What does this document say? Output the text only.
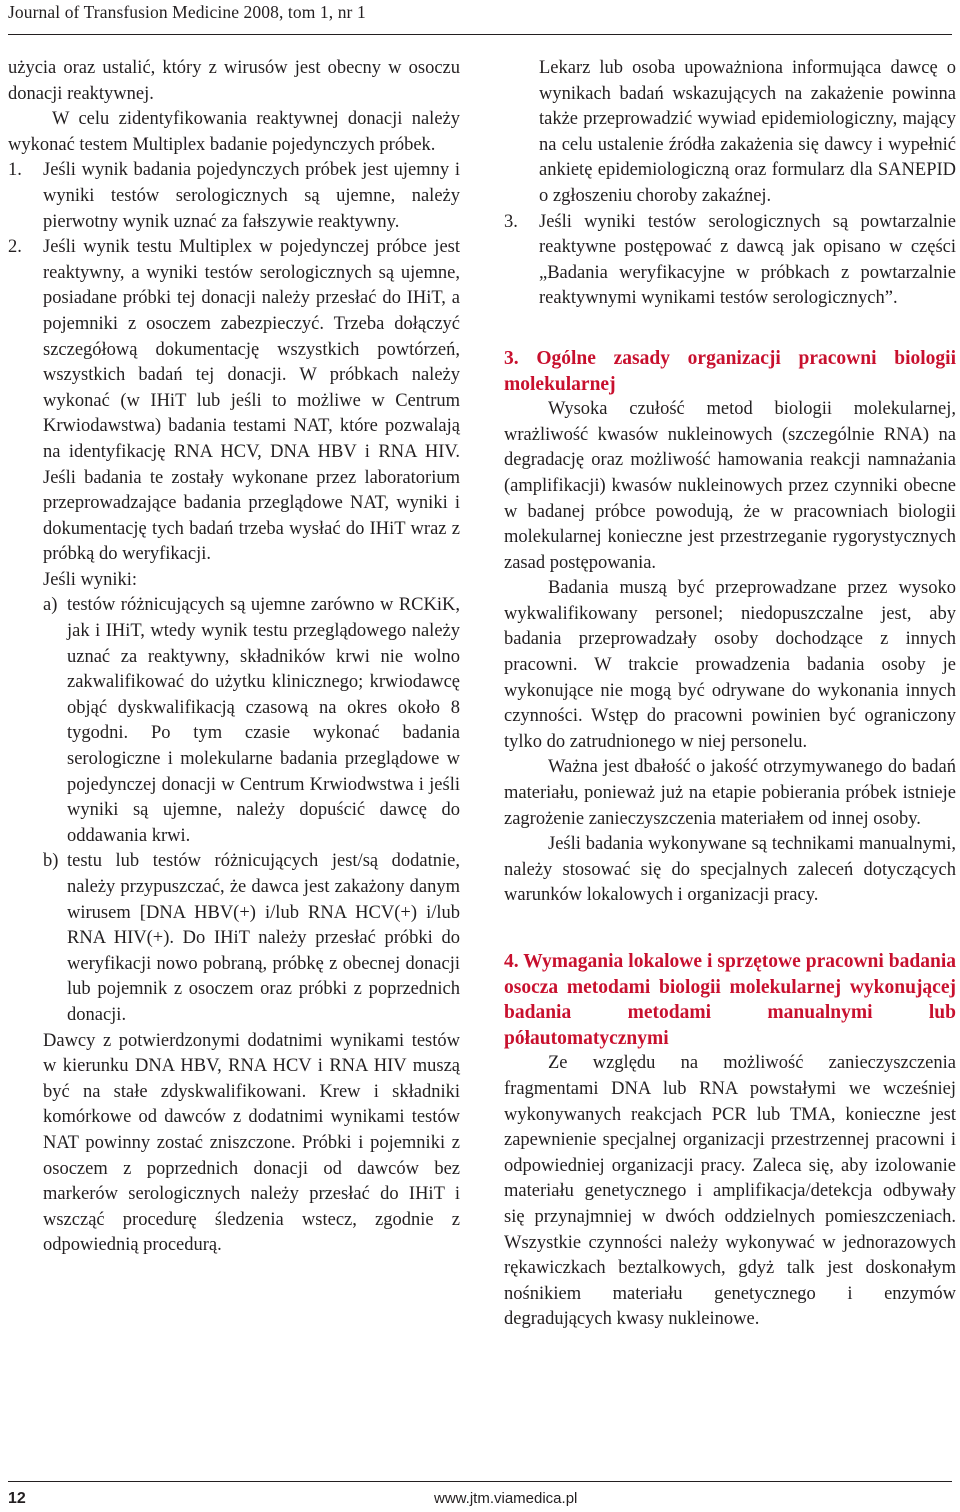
Journal of Transfusion Medicine 2008, tom 1, nr 1

użycia oraz ustalić, który z wirusów jest obecny w osoczu donacji reaktywnej.

W celu zidentyfikowania reaktywnej donacji należy wykonać testem Multiplex badanie pojedynczych próbek.

1.	Jeśli wynik badania pojedynczych próbek jest ujemny i wyniki testów serologicznych są ujemne, należy pierwotny wynik uznać za fałszywie reaktywny.
2.	Jeśli wynik testu Multiplex w pojedynczej próbce jest reaktywny, a wyniki testów serologicznych są ujemne, posiadane próbki tej donacji należy przesłać do IHiT, a pojemniki z osoczem zabezpieczyć. Trzeba dołączyć szczegółową dokumentację wszystkich powtórzeń, wszystkich badań tej donacji. W próbkach należy wykonać (w IHiT lub jeśli to możliwe w Centrum Krwiodawstwa) badania testami NAT, które pozwalają na identyfikację RNA HCV, DNA HBV i RNA HIV. Jeśli badania te zostały wykonane przez laboratorium przeprowadzające badania przeglądowe NAT, wyniki i dokumentację tych badań trzeba wysłać do IHiT wraz z próbką do weryfikacji.

Jeśli wyniki:

a) testów różnicujących są ujemne zarówno w RCKiK, jak i IHiT, wtedy wynik testu przeglądowego należy uznać za reaktywny, składników krwi nie wolno zakwalifikować do użytku klinicznego; krwiodawcę objąć dyskwalifikacją czasową na okres około 8 tygodni. Po tym czasie wykonać badania serologiczne i molekularne badania przeglądowe w pojedynczej donacji w Centrum Krwiodwstwa i jeśli wyniki są ujemne, należy dopuścić dawcę do oddawania krwi.
b) testu lub testów różnicujących jest/są dodatnie, należy przypuszczać, że dawca jest zakażony danym wirusem [DNA HBV(+) i/lub RNA HCV(+) i/lub RNA HIV(+). Do IHiT należy przesłać próbki do weryfikacji nowo pobraną, próbkę z obecnej donacji lub pojemnik z osoczem oraz próbki z poprzednich donacji.

Dawcy z potwierdzonymi dodatnimi wynikami testów w kierunku DNA HBV, RNA HCV i RNA HIV muszą być na stałe zdyskwalifikowani. Krew i składniki komórkowe od dawców z dodatnimi wynikami testów NAT powinny zostać zniszczone. Próbki i pojemniki z osoczem z poprzednich donacji od dawców bez markerów serologicznych należy przesłać do IHiT i wszcząć procedurę śledzenia wstecz, zgodnie z odpowiednią procedurą.

Lekarz lub osoba upoważniona informująca dawcę o wynikach badań wskazujących na zakażenie powinna także przeprowadzić wywiad epidemiologiczny, mający na celu ustalenie źródła zakażenia się dawcy i wypełnić ankietę epidemiologiczną oraz formularz dla SANEPID o zgłoszeniu choroby zakaźnej.

3.	Jeśli wyniki testów serologicznych są powtarzalnie reaktywne postępować z dawcą jak opisano w części „Badania weryfikacyjne w próbkach z powtarzalnie reaktywnymi wynikami testów serologicznych”.

3. Ogólne zasady organizacji pracowni biologii molekularnej

Wysoka czułość metod biologii molekularnej, wrażliwość kwasów nukleinowych (szczególnie RNA) na degradację oraz możliwość hamowania reakcji namnażania (amplifikacji) kwasów nukleinowych przez czynniki obecne w badanej próbce powodują, że w pracowniach biologii molekularnej konieczne jest przestrzeganie rygorystycznych zasad postępowania.

Badania muszą być przeprowadzane przez wysoko wykwalifikowany personel; niedopuszczalne jest, aby badania przeprowadzały osoby dochodzące z innych pracowni. W trakcie prowadzenia badania osoby je wykonujące nie mogą być odrywane do wykonania innych czynności. Wstęp do pracowni powinien być ograniczony tylko do zatrudnionego w niej personelu.

Ważna jest dbałość o jakość otrzymywanego do badań materiału, ponieważ już na etapie pobierania próbek istnieje zagrożenie zanieczyszczenia materiałem od innej osoby.

Jeśli badania wykonywane są technikami manualnymi, należy stosować się do specjalnych zaleceń dotyczących warunków lokalowych i organizacji pracy.

4. Wymagania lokalowe i sprzętowe pracowni badania osocza metodami biologii molekularnej wykonującej badania metodami manualnymi lub półautomatycznymi

Ze względu na możliwość zanieczyszczenia fragmentami DNA lub RNA powstałymi we wcześniej wykonywanych reakcjach PCR lub TMA, konieczne jest zapewnienie specjalnej organizacji przestrzennej pracowni i odpowiedniej organizacji pracy. Zaleca się, aby izolowanie materiału genetycznego i amplifikacja/detekcja odbywały się przynajmniej w dwóch oddzielnych pomieszczeniach. Wszystkie czynności należy wykonywać w jednorazowych rękawiczkach beztalkowych, gdyż talk jest doskonałym nośnikiem materiału genetycznego i enzymów degradujących kwasy nukleinowe.

12	www.jtm.viamedica.pl
